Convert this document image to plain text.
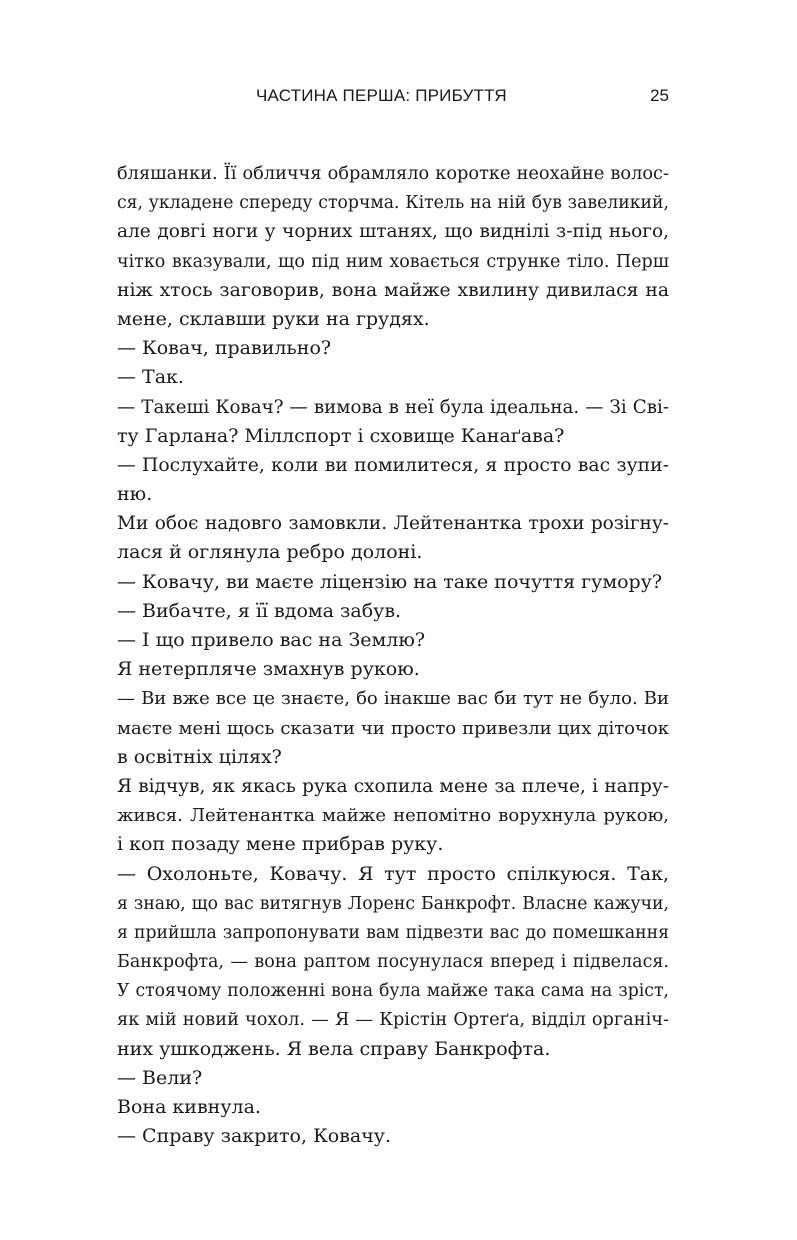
ЧАСТИНА ПЕРША: ПРИБУТТЯ	25
бляшанки. Її обличчя обрамляло коротке неохайне волос-
ся, укладене спереду сторчма. Кітель на ній був завеликий,
але довгі ноги у чорних штанях, що виднілі з-під нього,
чітко вказували, що під ним ховається струнке тіло. Перш
ніж хтось заговорив, вона майже хвилину дивилася на
мене, склавши руки на грудях.
— Ковач, правильно?
— Так.
— Такеші Ковач? — вимова в неї була ідеальна. — Зі Сві-
ту Гарлана? Міллспорт і сховище Канаґава?
— Послухайте, коли ви помилитеся, я просто вас зупи-
ню.
Ми обоє надовго замовкли. Лейтенантка трохи розігну-
лася й оглянула ребро долоні.
— Ковачу, ви маєте ліцензію на таке почуття гумору?
— Вибачте, я її вдома забув.
— І що привело вас на Землю?
Я нетерпляче змахнув рукою.
— Ви вже все це знаєте, бо інакше вас би тут не було. Ви
маєте мені щось сказати чи просто привезли цих діточок
в освітніх цілях?
Я відчув, як якась рука схопила мене за плече, і напру-
жився. Лейтенантка майже непомітно ворухнула рукою,
і коп позаду мене прибрав руку.
— Охолоньте, Ковачу. Я тут просто спілкуюся. Так,
я знаю, що вас витягнув Лоренс Банкрофт. Власне кажучи,
я прийшла запропонувати вам підвезти вас до помешкання
Банкрофта, — вона раптом посунулася вперед і підвелася.
У стоячому положенні вона була майже така сама на зріст,
як мій новий чохол. — Я — Крістін Ортеґа, відділ органіч-
них ушкоджень. Я вела справу Банкрофта.
— Вели?
Вона кивнула.
— Справу закрито, Ковачу.
